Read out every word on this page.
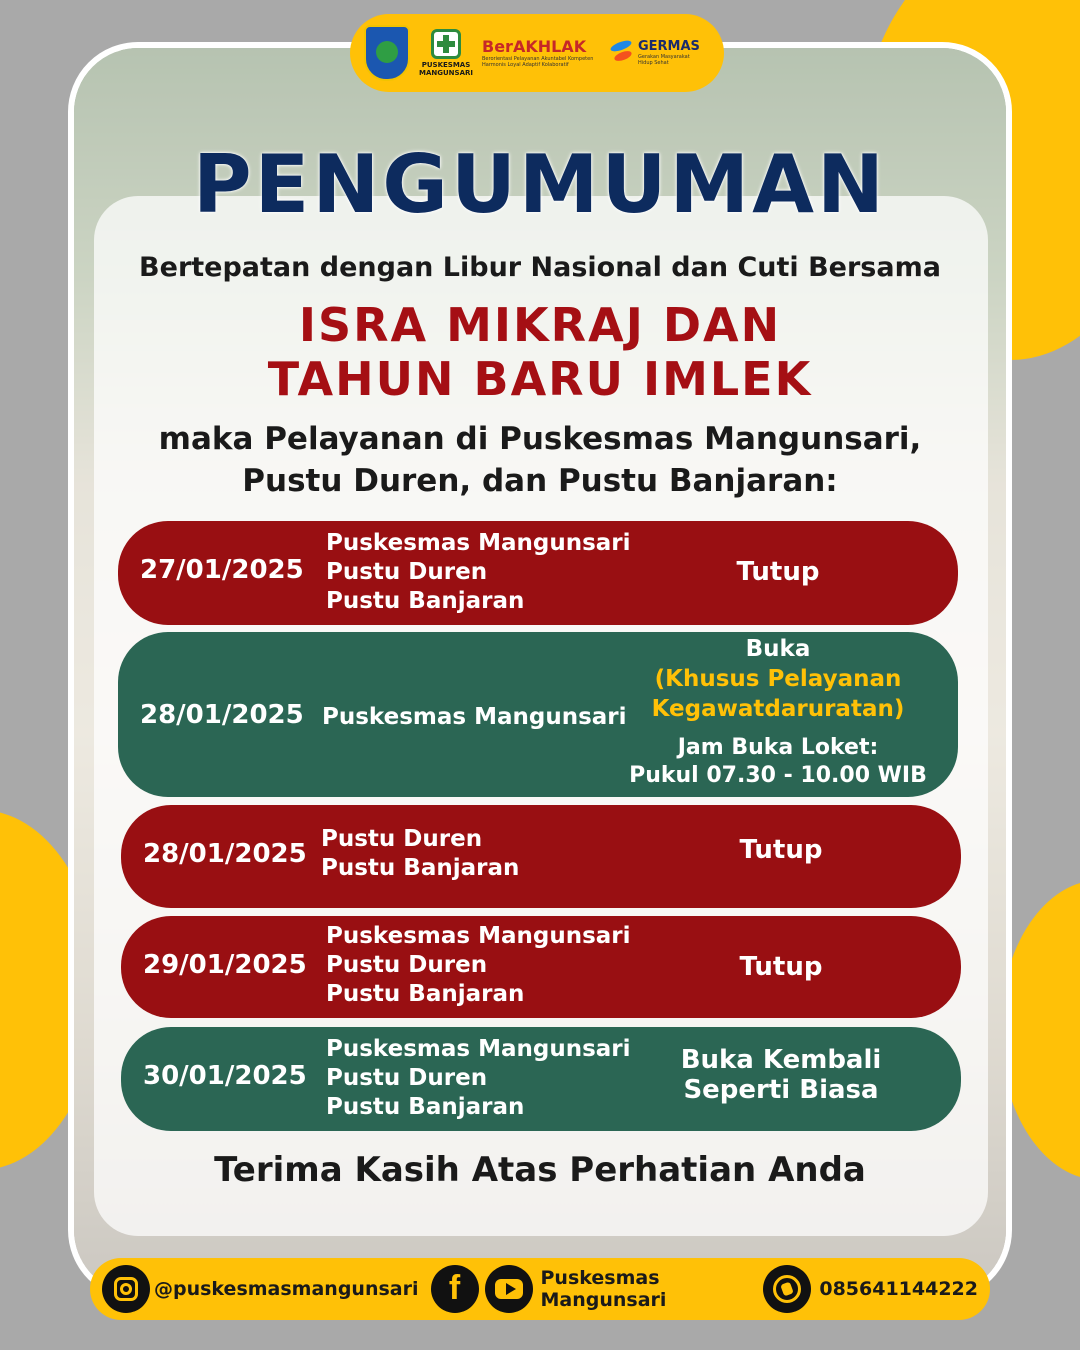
PUSKESMAS MANGUNSARI
BerAKHLAK
Berorientasi Pelayanan Akuntabel Kompeten Harmonis Loyal Adaptif Kolaboratif
GERMAS
Gerakan Masyarakat Hidup Sehat
PENGUMUMAN
Bertepatan dengan Libur Nasional dan Cuti Bersama
ISRA MIKRAJ DAN
TAHUN BARU IMLEK
maka Pelayanan di Puskesmas Mangunsari,
Pustu Duren, dan Pustu Banjaran:
27/01/2025
Puskesmas Mangunsari
Pustu Duren
Pustu Banjaran
Tutup
28/01/2025 Puskesmas Mangunsari
Buka
(Khusus Pelayanan
Kegawatdaruratan)
Jam Buka Loket:
Pukul 07.30 - 10.00 WIB
28/01/2025 Pustu Duren
Pustu Banjaran
Tutup
29/01/2025
Puskesmas Mangunsari
Pustu Duren
Pustu Banjaran
Tutup
30/01/2025
Puskesmas Mangunsari
Pustu Duren
Pustu Banjaran
Buka Kembali
Seperti Biasa
Terima Kasih Atas Perhatian Anda
@puskesmasmangunsari
f	Puskesmas Mangunsari	085641144222
